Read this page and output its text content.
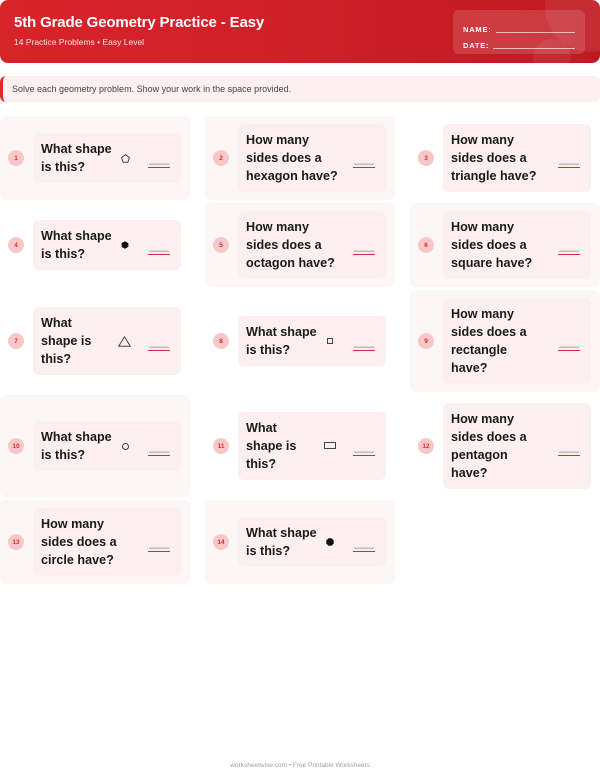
5th Grade Geometry Practice - Easy
14 Practice Problems • Easy Level
NAME:
DATE:
Solve each geometry problem. Show your work in the space provided.
1
What shape is this?
___	2
How many sides does a hexagon have?
___	3
How many sides does a triangle have?
___
4
What shape is this?
___	5
How many sides does a octagon have?
___	6
How many sides does a square have?
___
7
What shape is this?
___	8
What shape is this?
___	9
How many sides does a rectangle have?
___
10
What shape is this?
___	11
What shape is this?
___	12
How many sides does a pentagon have?
___
13
How many sides does a circle have?
___	14
What shape is this?
___
worksheetwise.com • Free Printable Worksheets
